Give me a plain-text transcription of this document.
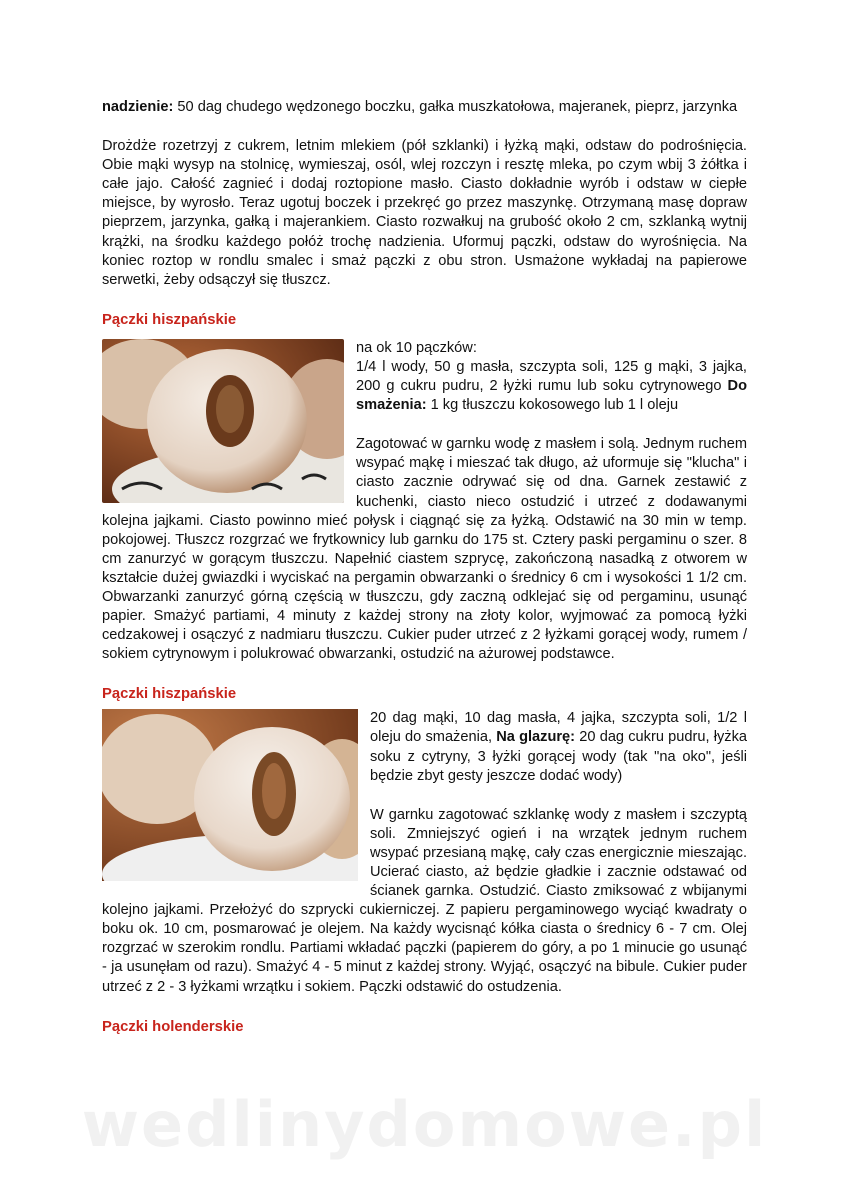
nadzienie: 50 dag chudego wędzonego boczku, gałka muszkatołowa, majeranek, pieprz, jarzynka

Drożdże rozetrzyj z cukrem, letnim mlekiem (pół szklanki) i łyżką mąki, odstaw do podrośnięcia. Obie mąki wysyp na stolnicę, wymieszaj, osól, wlej rozczyn i resztę mleka, po czym wbij 3 żółtka i całe jajo. Całość zagnieć i dodaj roztopione masło. Ciasto dokładnie wyrób i odstaw w ciepłe miejsce, by wyrosło. Teraz ugotuj boczek i przekręć go przez maszynkę. Otrzymaną masę dopraw pieprzem, jarzynka, gałką i majerankiem. Ciasto rozwałkuj na grubość około 2 cm, szklanką wytnij krążki, na środku każdego połóż trochę nadzienia. Uformuj pączki, odstaw do wyrośnięcia. Na koniec roztop w rondlu smalec i smaż pączki z obu stron. Usmażone wykładaj na papierowe serwetki, żeby odsączył się tłuszcz.

Pączki hiszpańskie

na ok 10 pączków:

1/4 l wody, 50 g masła, szczypta soli, 125 g mąki, 3 jajka, 200 g cukru pudru, 2 łyżki rumu lub soku cytrynowego Do smażenia: 1 kg tłuszczu kokosowego lub 1 l oleju

Zagotować w garnku wodę z masłem i solą. Jednym ruchem wsypać mąkę i mieszać tak długo, aż uformuje się "klucha" i ciasto zacznie odrywać się od dna. Garnek zestawić z kuchenki, ciasto nieco ostudzić i utrzeć z dodawanymi kolejna jajkami. Ciasto powinno mieć połysk i ciągnąć się za łyżką. Odstawić na 30 min w temp. pokojowej. Tłuszcz rozgrzać we frytkownicy lub garnku do 175 st. Cztery paski pergaminu o szer. 8 cm zanurzyć w gorącym tłuszczu. Napełnić ciastem szprycę, zakończoną nasadką z otworem w kształcie dużej gwiazdki i wyciskać na pergamin obwarzanki o średnicy 6 cm i wysokości 1 1/2 cm. Obwarzanki zanurzyć górną częścią w tłuszczu, gdy zaczną odklejać się od pergaminu, usunąć papier. Smażyć partiami, 4 minuty z każdej strony na złoty kolor, wyjmować za pomocą łyżki cedzakowej i osączyć z nadmiaru tłuszczu. Cukier puder utrzeć z 2 łyżkami gorącej wody, rumem / sokiem cytrynowym i polukrować obwarzanki, ostudzić na ażurowej podstawce.

Pączki hiszpańskie

20 dag mąki, 10 dag masła, 4 jajka, szczypta soli, 1/2 l oleju do smażenia, Na glazurę: 20 dag cukru pudru, łyżka soku z cytryny, 3 łyżki gorącej wody (tak "na oko", jeśli będzie zbyt gesty jeszcze dodać wody)

W garnku zagotować szklankę wody z masłem i szczyptą soli. Zmniejszyć ogień i na wrzątek jednym ruchem wsypać przesianą mąkę, cały czas energicznie mieszając. Ucierać ciasto, aż będzie gładkie i zacznie odstawać od ścianek garnka. Ostudzić. Ciasto zmiksować z wbijanymi kolejno jajkami. Przełożyć do szprycki cukierniczej. Z papieru pergaminowego wyciąć kwadraty o boku ok. 10 cm, posmarować je olejem. Na każdy wycisnąć kółka ciasta o średnicy 6 - 7 cm. Olej rozgrzać w szerokim rondlu. Partiami wkładać pączki (papierem do góry, a po 1 minucie go usunąć - ja usunęłam od razu). Smażyć 4 - 5 minut z każdej strony. Wyjąć, osączyć na bibule. Cukier puder utrzeć z 2 - 3 łyżkami wrzątku i sokiem. Pączki odstawić do ostudzenia.

Pączki holenderskie
wedlinydomowe.pl
